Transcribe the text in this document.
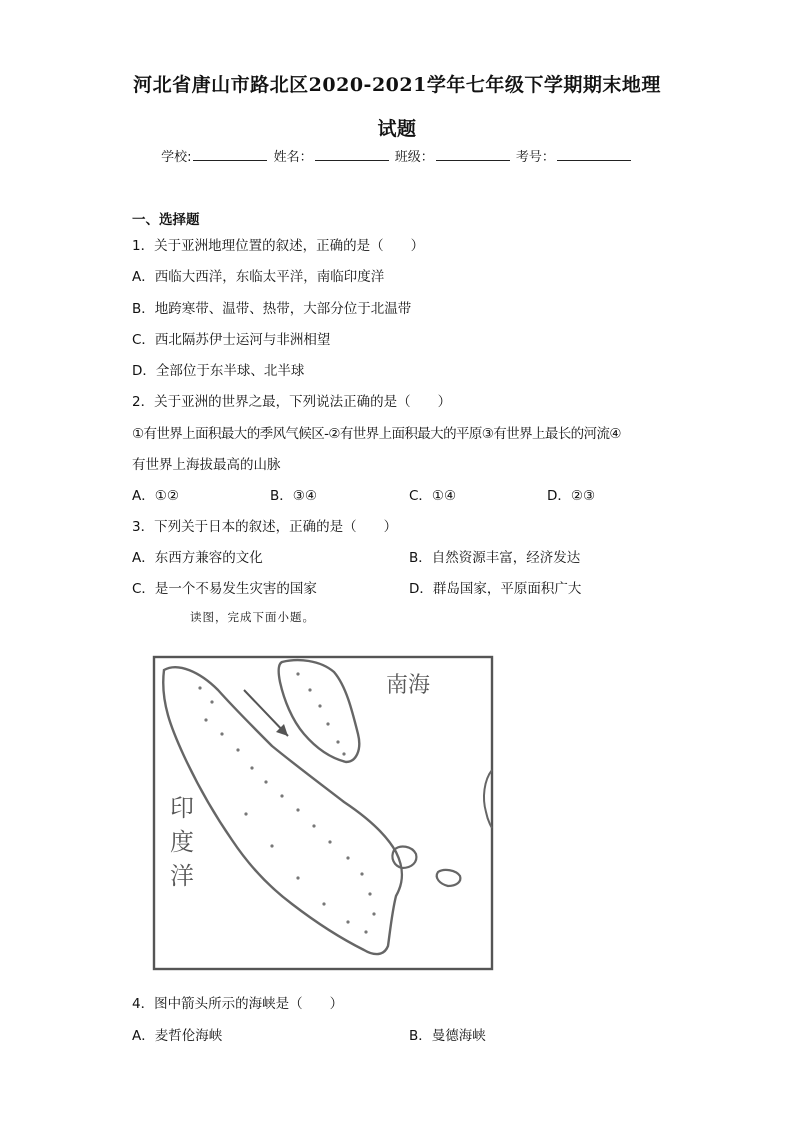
河北省唐山市路北区2020-2021学年七年级下学期期末地理
试题
学校:	姓名：	班级：	考号：
一、选择题
1．关于亚洲地理位置的叙述，正确的是（　　）
A．西临大西洋，东临太平洋，南临印度洋
B．地跨寒带、温带、热带，大部分位于北温带
C．西北隔苏伊士运河与非洲相望
D．全部位于东半球、北半球
2．关于亚洲的世界之最，下列说法正确的是（　　）
①有世界上面积最大的季风气候区-②有世界上面积最大的平原③有世界上最长的河流④
有世界上海拔最高的山脉
A．①②	B．③④	C．①④	D．②③
3．下列关于日本的叙述，正确的是（　　）
A．东西方兼容的文化	B．自然资源丰富，经济发达
C．是一个不易发生灾害的国家	D．群岛国家，平原面积广大
读图，完成下面小题。
南海
印
度
洋
4．图中箭头所示的海峡是（　　）
A．麦哲伦海峡	B．曼德海峡
